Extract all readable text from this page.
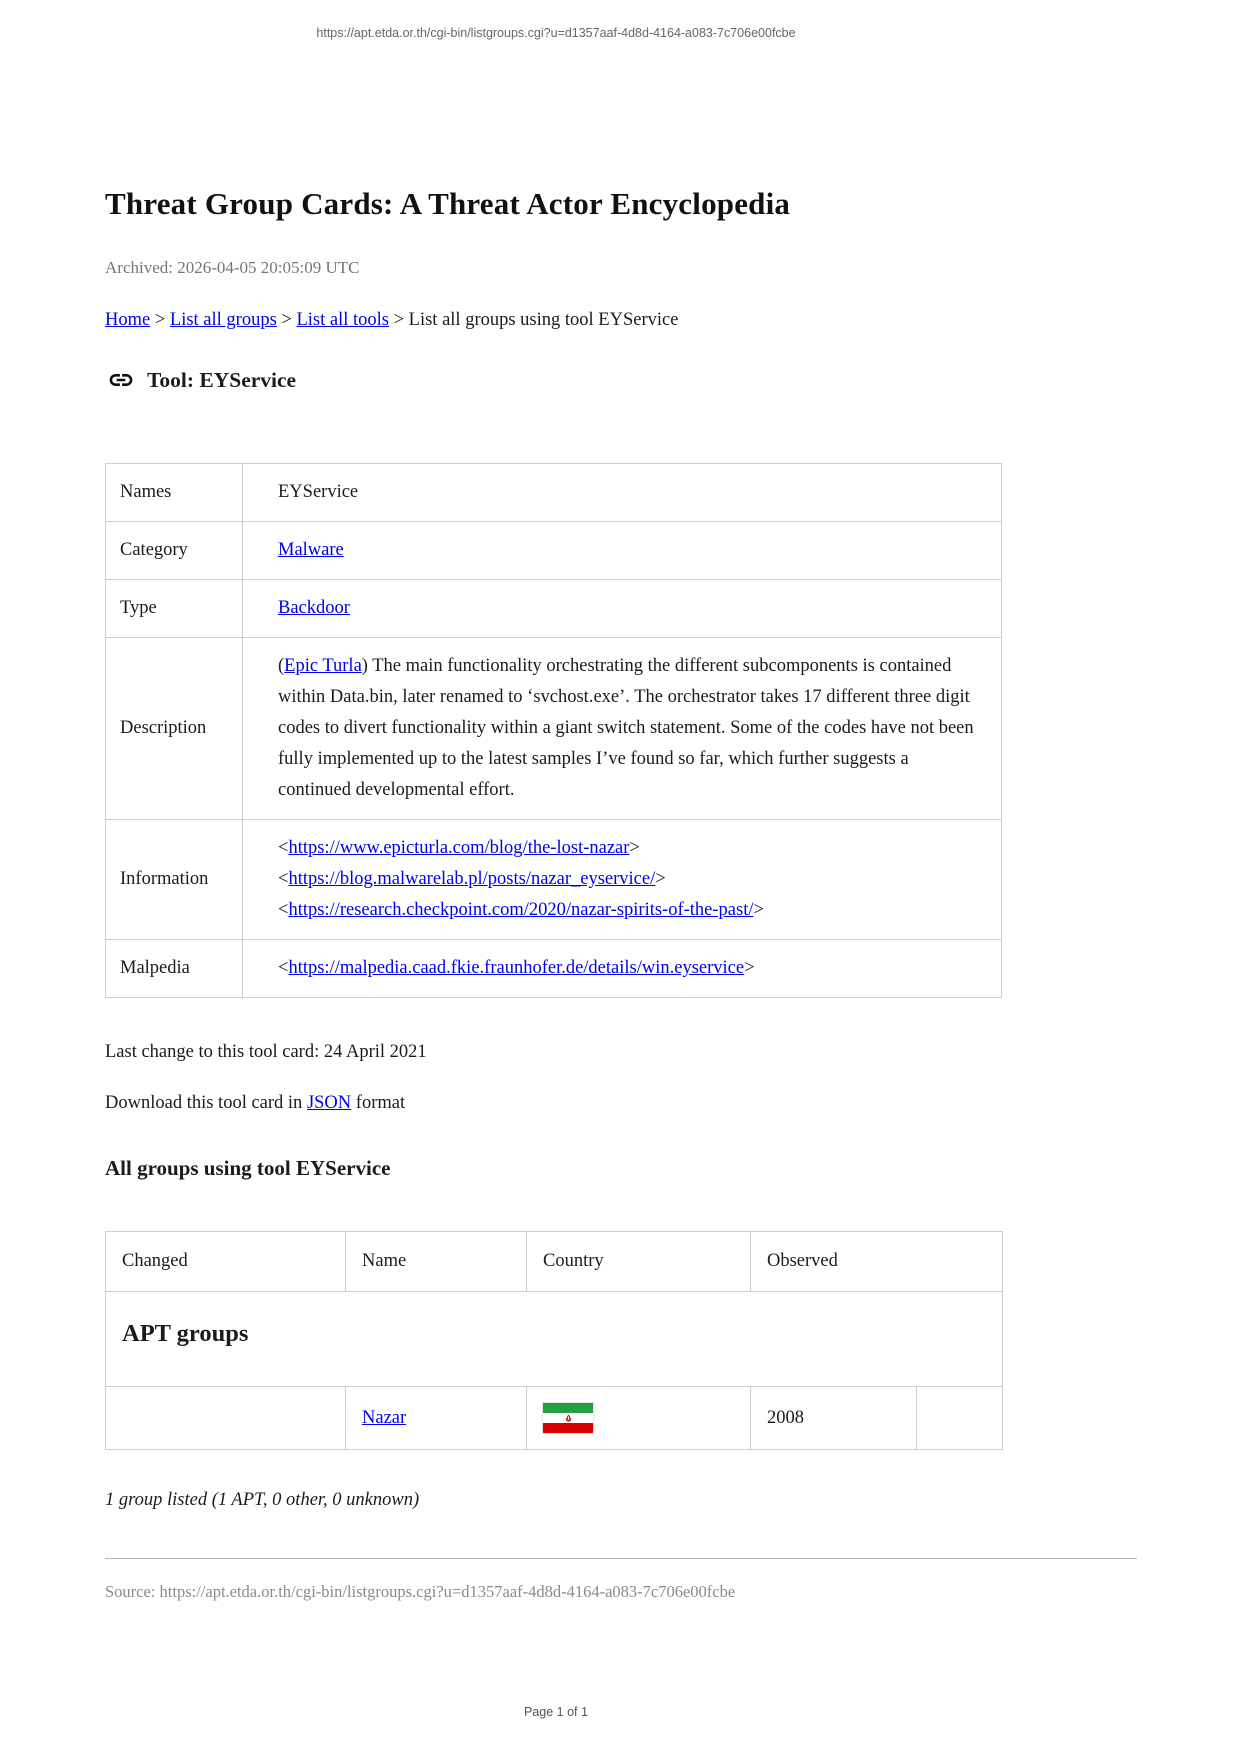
https://apt.etda.or.th/cgi-bin/listgroups.cgi?u=d1357aaf-4d8d-4164-a083-7c706e00fcbe
Threat Group Cards: A Threat Actor Encyclopedia
Archived: 2026-04-05 20:05:09 UTC
Home > List all groups > List all tools > List all groups using tool EYService
Tool: EYService
Names	EYService
Category	Malware
Type	Backdoor
Description	(Epic Turla) The main functionality orchestrating the different subcomponents is contained within Data.bin, later renamed to ‘svchost.exe’. The orchestrator takes 17 different three digit codes to divert functionality within a giant switch statement. Some of the codes have not been fully implemented up to the latest samples I’ve found so far, which further suggests a continued developmental effort.
Information	<https://www.epicturla.com/blog/the-lost-nazar>
<https://blog.malwarelab.pl/posts/nazar_eyservice/>
<https://research.checkpoint.com/2020/nazar-spirits-of-the-past/>

Malpedia	<https://malpedia.caad.fkie.fraunhofer.de/details/win.eyservice>
Last change to this tool card: 24 April 2021
Download this tool card in JSON format
All groups using tool EYService
Changed	Name	Country	Observed	
APT groups				
	Nazar		2008	
1 group listed (1 APT, 0 other, 0 unknown)
Source: https://apt.etda.or.th/cgi-bin/listgroups.cgi?u=d1357aaf-4d8d-4164-a083-7c706e00fcbe
Page 1 of 1
